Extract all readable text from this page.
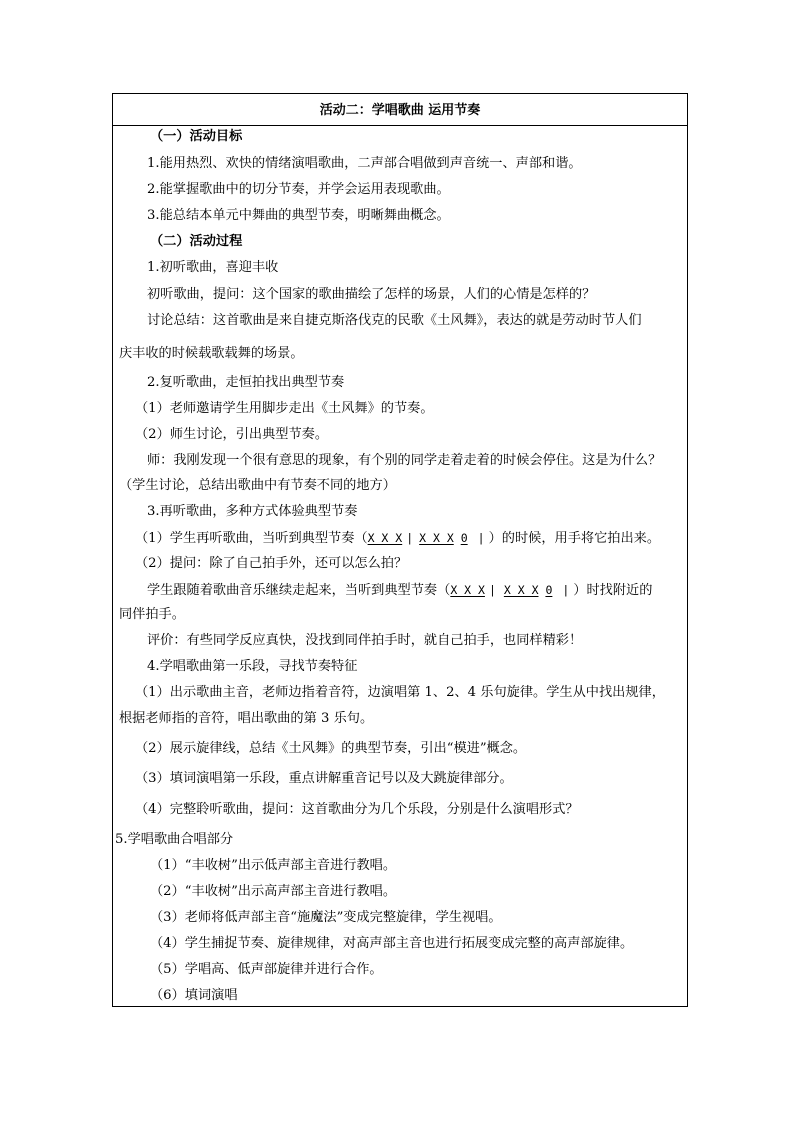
活动二：学唱歌曲 运用节奏
（一）活动目标
1.能用热烈、欢快的情绪演唱歌曲，二声部合唱做到声音统一、声部和谐。
2.能掌握歌曲中的切分节奏，并学会运用表现歌曲。
3.能总结本单元中舞曲的典型节奏，明晰舞曲概念。
（二）活动过程
1.初听歌曲，喜迎丰收
初听歌曲，提问：这个国家的歌曲描绘了怎样的场景，人们的心情是怎样的？
讨论总结：这首歌曲是来自捷克斯洛伐克的民歌《土风舞》，表达的就是劳动时节人们
庆丰收的时候载歌载舞的场景。
2.复听歌曲，走恒拍找出典型节奏
（1）老师邀请学生用脚步走出《土风舞》的节奏。
（2）师生讨论，引出典型节奏。
师：我刚发现一个很有意思的现象，有个别的同学走着走着的时候会停住。这是为什么？
（学生讨论，总结出歌曲中有节奏不同的地方）
3.再听歌曲，多种方式体验典型节奏
（1）学生再听歌曲，当听到典型节奏（X X X | X X X 0 | ）的时候，用手将它拍出来。
（2）提问：除了自己拍手外，还可以怎么拍？
学生跟随着歌曲音乐继续走起来，当听到典型节奏（X X X | X X X 0 | ）时找附近的
同伴拍手。
评价：有些同学反应真快，没找到同伴拍手时，就自己拍手，也同样精彩！
4.学唱歌曲第一乐段，寻找节奏特征
（1）出示歌曲主音，老师边指着音符，边演唱第 1、2、4 乐句旋律。学生从中找出规律，
根据老师指的音符，唱出歌曲的第 3 乐句。
（2）展示旋律线，总结《土风舞》的典型节奏，引出“模进”概念。
（3）填词演唱第一乐段，重点讲解重音记号以及大跳旋律部分。
（4）完整聆听歌曲，提问：这首歌曲分为几个乐段，分别是什么演唱形式？
5.学唱歌曲合唱部分
（1）“丰收树”出示低声部主音进行教唱。
（2）“丰收树”出示高声部主音进行教唱。
（3）老师将低声部主音“施魔法”变成完整旋律，学生视唱。
（4）学生捕捉节奏、旋律规律，对高声部主音也进行拓展变成完整的高声部旋律。
（5）学唱高、低声部旋律并进行合作。
（6）填词演唱
